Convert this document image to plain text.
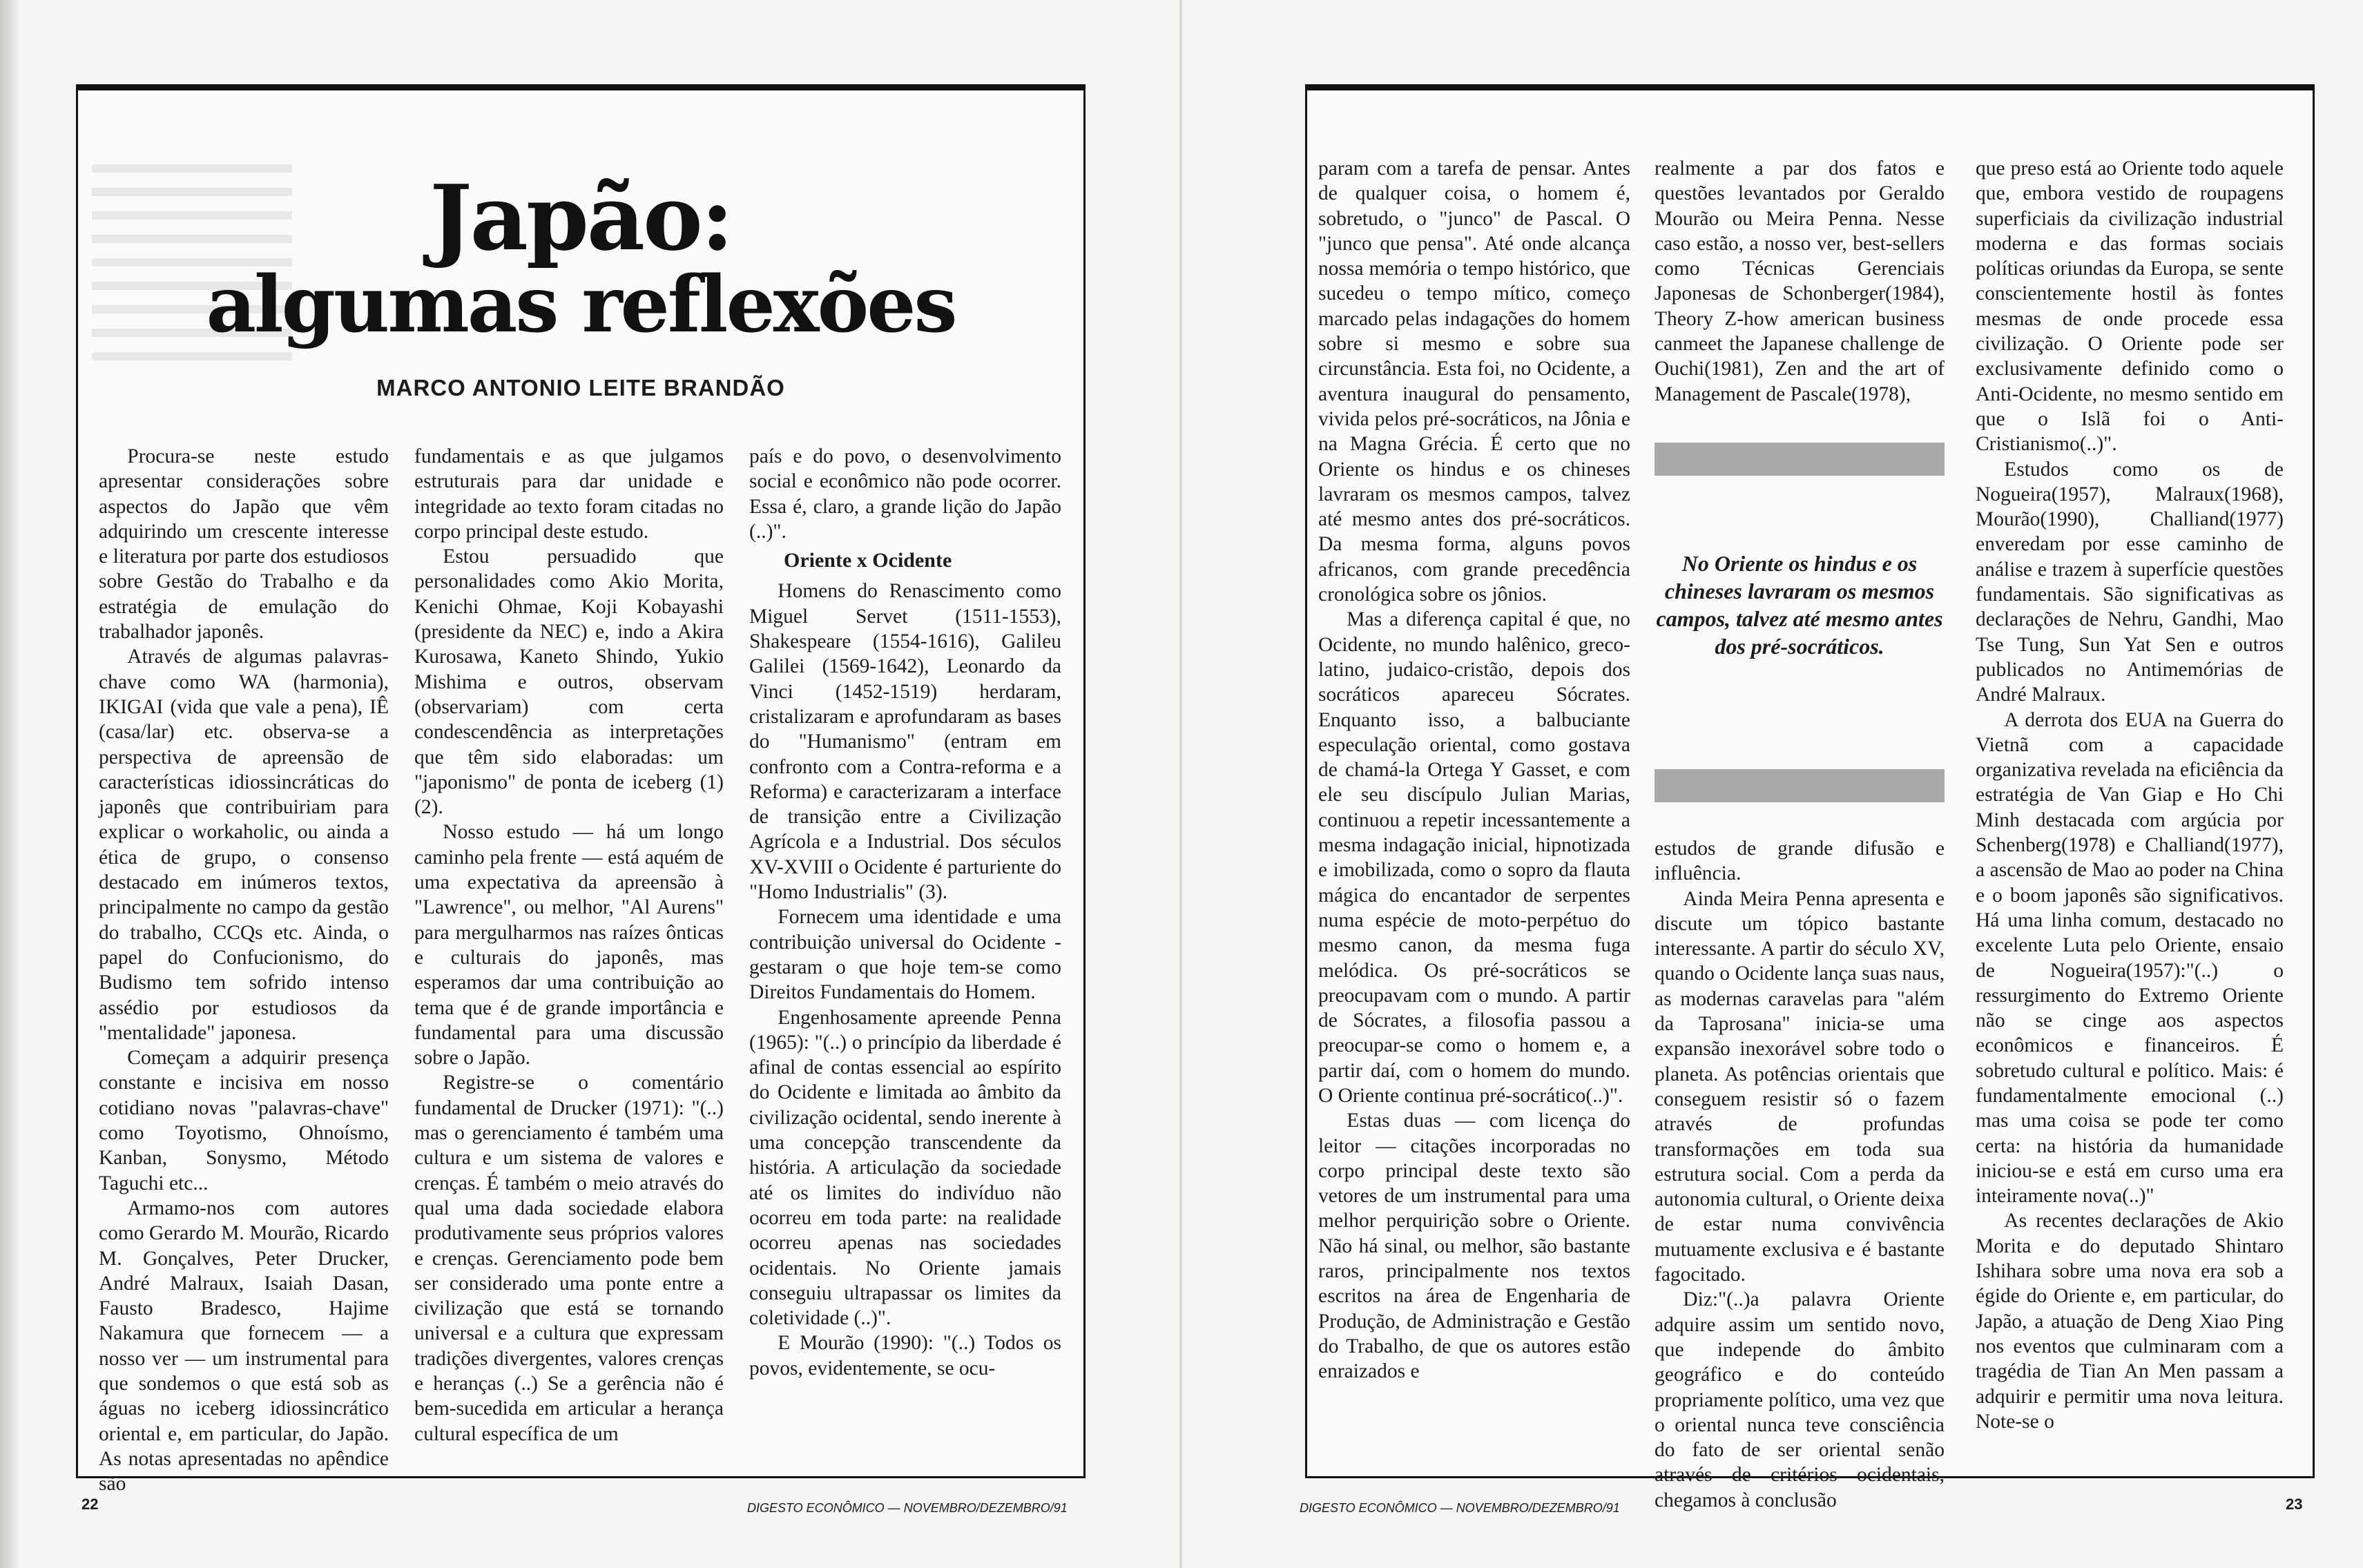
Japão:
algumas reflexões
MARCO ANTONIO LEITE BRANDÃO

Procura-se neste estudo apresentar considerações sobre aspectos do Japão que vêm adquirindo um crescente interesse e literatura por parte dos estudiosos sobre Gestão do Trabalho e da estratégia de emulação do trabalhador japonês.

Através de algumas palavras-chave como WA (harmonia), IKIGAI (vida que vale a pena), IÊ (casa/lar) etc. observa-se a perspectiva de apreensão de características idiossincráticas do japonês que contribuiriam para explicar o workaholic, ou ainda a ética de grupo, o consenso destacado em inúmeros textos, principalmente no campo da gestão do trabalho, CCQs etc. Ainda, o papel do Confucionismo, do Budismo tem sofrido intenso assédio por estudiosos da "mentalidade" japonesa.

Começam a adquirir presença constante e incisiva em nosso cotidiano novas "palavras-chave" como Toyotismo, Ohnoísmo, Kanban, Sonysmo, Método Taguchi etc...

Armamo-nos com autores como Gerardo M. Mourão, Ricardo M. Gonçalves, Peter Drucker, André Malraux, Isaiah Dasan, Fausto Bradesco, Hajime Nakamura que fornecem — a nosso ver — um instrumental para que sondemos o que está sob as águas no iceberg idiossincrático oriental e, em particular, do Japão. As notas apresentadas no apêndice são

fundamentais e as que julgamos estruturais para dar unidade e integridade ao texto foram citadas no corpo principal deste estudo.

Estou persuadido que personalidades como Akio Morita, Kenichi Ohmae, Koji Kobayashi (presidente da NEC) e, indo a Akira Kurosawa, Kaneto Shindo, Yukio Mishima e outros, observam (observariam) com certa condescendência as interpretações que têm sido elaboradas: um "japonismo" de ponta de iceberg (1) (2).

Nosso estudo — há um longo caminho pela frente — está aquém de uma expectativa da apreensão à "Lawrence", ou melhor, "Al Aurens" para mergulharmos nas raízes ônticas e culturais do japonês, mas esperamos dar uma contribuição ao tema que é de grande importância e fundamental para uma discussão sobre o Japão.

Registre-se o comentário fundamental de Drucker (1971): "(..) mas o gerenciamento é também uma cultura e um sistema de valores e crenças. É também o meio através do qual uma dada sociedade elabora produtivamente seus próprios valores e crenças. Gerenciamento pode bem ser considerado uma ponte entre a civilização que está se tornando universal e a cultura que expressam tradições divergentes, valores crenças e heranças (..) Se a gerência não é bem-sucedida em articular a herança cultural específica de um

país e do povo, o desenvolvimento social e econômico não pode ocorrer. Essa é, claro, a grande lição do Japão (..)".

Oriente x Ocidente

Homens do Renascimento como Miguel Servet (1511-1553), Shakespeare (1554-1616), Galileu Galilei (1569-1642), Leonardo da Vinci (1452-1519) herdaram, cristalizaram e aprofundaram as bases do "Humanismo" (entram em confronto com a Contra-reforma e a Reforma) e caracterizaram a interface de transição entre a Civilização Agrícola e a Industrial. Dos séculos XV-XVIII o Ocidente é parturiente do "Homo Industrialis" (3).

Fornecem uma identidade e uma contribuição universal do Ocidente - gestaram o que hoje tem-se como Direitos Fundamentais do Homem.

Engenhosamente apreende Penna (1965): "(..) o princípio da liberdade é afinal de contas essencial ao espírito do Ocidente e limitada ao âmbito da civilização ocidental, sendo inerente à uma concepção transcendente da história. A articulação da sociedade até os limites do indivíduo não ocorreu em toda parte: na realidade ocorreu apenas nas sociedades ocidentais. No Oriente jamais conseguiu ultrapassar os limites da coletividade (..)".

E Mourão (1990): "(..) Todos os povos, evidentemente, se ocu-

22	DIGESTO ECONÔMICO — NOVEMBRO/DEZEMBRO/91

param com a tarefa de pensar. Antes de qualquer coisa, o homem é, sobretudo, o "junco" de Pascal. O "junco que pensa". Até onde alcança nossa memória o tempo histórico, que sucedeu o tempo mítico, começo marcado pelas indagações do homem sobre si mesmo e sobre sua circunstância. Esta foi, no Ocidente, a aventura inaugural do pensamento, vivida pelos pré-socráticos, na Jônia e na Magna Grécia. É certo que no Oriente os hindus e os chineses lavraram os mesmos campos, talvez até mesmo antes dos pré-socráticos. Da mesma forma, alguns povos africanos, com grande precedência cronológica sobre os jônios.

Mas a diferença capital é que, no Ocidente, no mundo halênico, greco-latino, judaico-cristão, depois dos socráticos apareceu Sócrates. Enquanto isso, a balbuciante especulação oriental, como gostava de chamá-la Ortega Y Gasset, e com ele seu discípulo Julian Marias, continuou a repetir incessantemente a mesma indagação inicial, hipnotizada e imobilizada, como o sopro da flauta mágica do encantador de serpentes numa espécie de moto-perpétuo do mesmo canon, da mesma fuga melódica. Os pré-socráticos se preocupavam com o mundo. A partir de Sócrates, a filosofia passou a preocupar-se como o homem e, a partir daí, com o homem do mundo. O Oriente continua pré-socrático(..)".

Estas duas — com licença do leitor — citações incorporadas no corpo principal deste texto são vetores de um instrumental para uma melhor perquirição sobre o Oriente. Não há sinal, ou melhor, são bastante raros, principalmente nos textos escritos na área de Engenharia de Produção, de Administração e Gestão do Trabalho, de que os autores estão enraizados e

realmente a par dos fatos e questões levantados por Geraldo Mourão ou Meira Penna. Nesse caso estão, a nosso ver, best-sellers como Técnicas Gerenciais Japonesas de Schonberger(1984), Theory Z-how american business canmeet the Japanese challenge de Ouchi(1981), Zen and the art of Management de Pascale(1978),

No Oriente os hindus e os chineses lavraram os mesmos campos, talvez até mesmo antes dos pré-socráticos.

estudos de grande difusão e influência.

Ainda Meira Penna apresenta e discute um tópico bastante interessante. A partir do século XV, quando o Ocidente lança suas naus, as modernas caravelas para "além da Taprosana" inicia-se uma expansão inexorável sobre todo o planeta. As potências orientais que conseguem resistir só o fazem através de profundas transformações em toda sua estrutura social. Com a perda da autonomia cultural, o Oriente deixa de estar numa convivência mutuamente exclusiva e é bastante fagocitado.

Diz:"(..)a palavra Oriente adquire assim um sentido novo, que independe do âmbito geográfico e do conteúdo propriamente político, uma vez que o oriental nunca teve consciência do fato de ser oriental senão através de critérios ocidentais, chegamos à conclusão

que preso está ao Oriente todo aquele que, embora vestido de roupagens superficiais da civilização industrial moderna e das formas sociais políticas oriundas da Europa, se sente conscientemente hostil às fontes mesmas de onde procede essa civilização. O Oriente pode ser exclusivamente definido como o Anti-Ocidente, no mesmo sentido em que o Islã foi o Anti-Cristianismo(..)".

Estudos como os de Nogueira(1957), Malraux(1968), Mourão(1990), Challiand(1977) enveredam por esse caminho de análise e trazem à superfície questões fundamentais. São significativas as declarações de Nehru, Gandhi, Mao Tse Tung, Sun Yat Sen e outros publicados no Antimemórias de André Malraux.

A derrota dos EUA na Guerra do Vietnã com a capacidade organizativa revelada na eficiência da estratégia de Van Giap e Ho Chi Minh destacada com argúcia por Schenberg(1978) e Challiand(1977), a ascensão de Mao ao poder na China e o boom japonês são significativos. Há uma linha comum, destacado no excelente Luta pelo Oriente, ensaio de Nogueira(1957):"(..) o ressurgimento do Extremo Oriente não se cinge aos aspectos econômicos e financeiros. É sobretudo cultural e político. Mais: é fundamentalmente emocional (..) mas uma coisa se pode ter como certa: na história da humanidade iniciou-se e está em curso uma era inteiramente nova(..)"

As recentes declarações de Akio Morita e do deputado Shintaro Ishihara sobre uma nova era sob a égide do Oriente e, em particular, do Japão, a atuação de Deng Xiao Ping nos eventos que culminaram com a tragédia de Tian An Men passam a adquirir e permitir uma nova leitura. Note-se o

DIGESTO ECONÔMICO — NOVEMBRO/DEZEMBRO/91	23
